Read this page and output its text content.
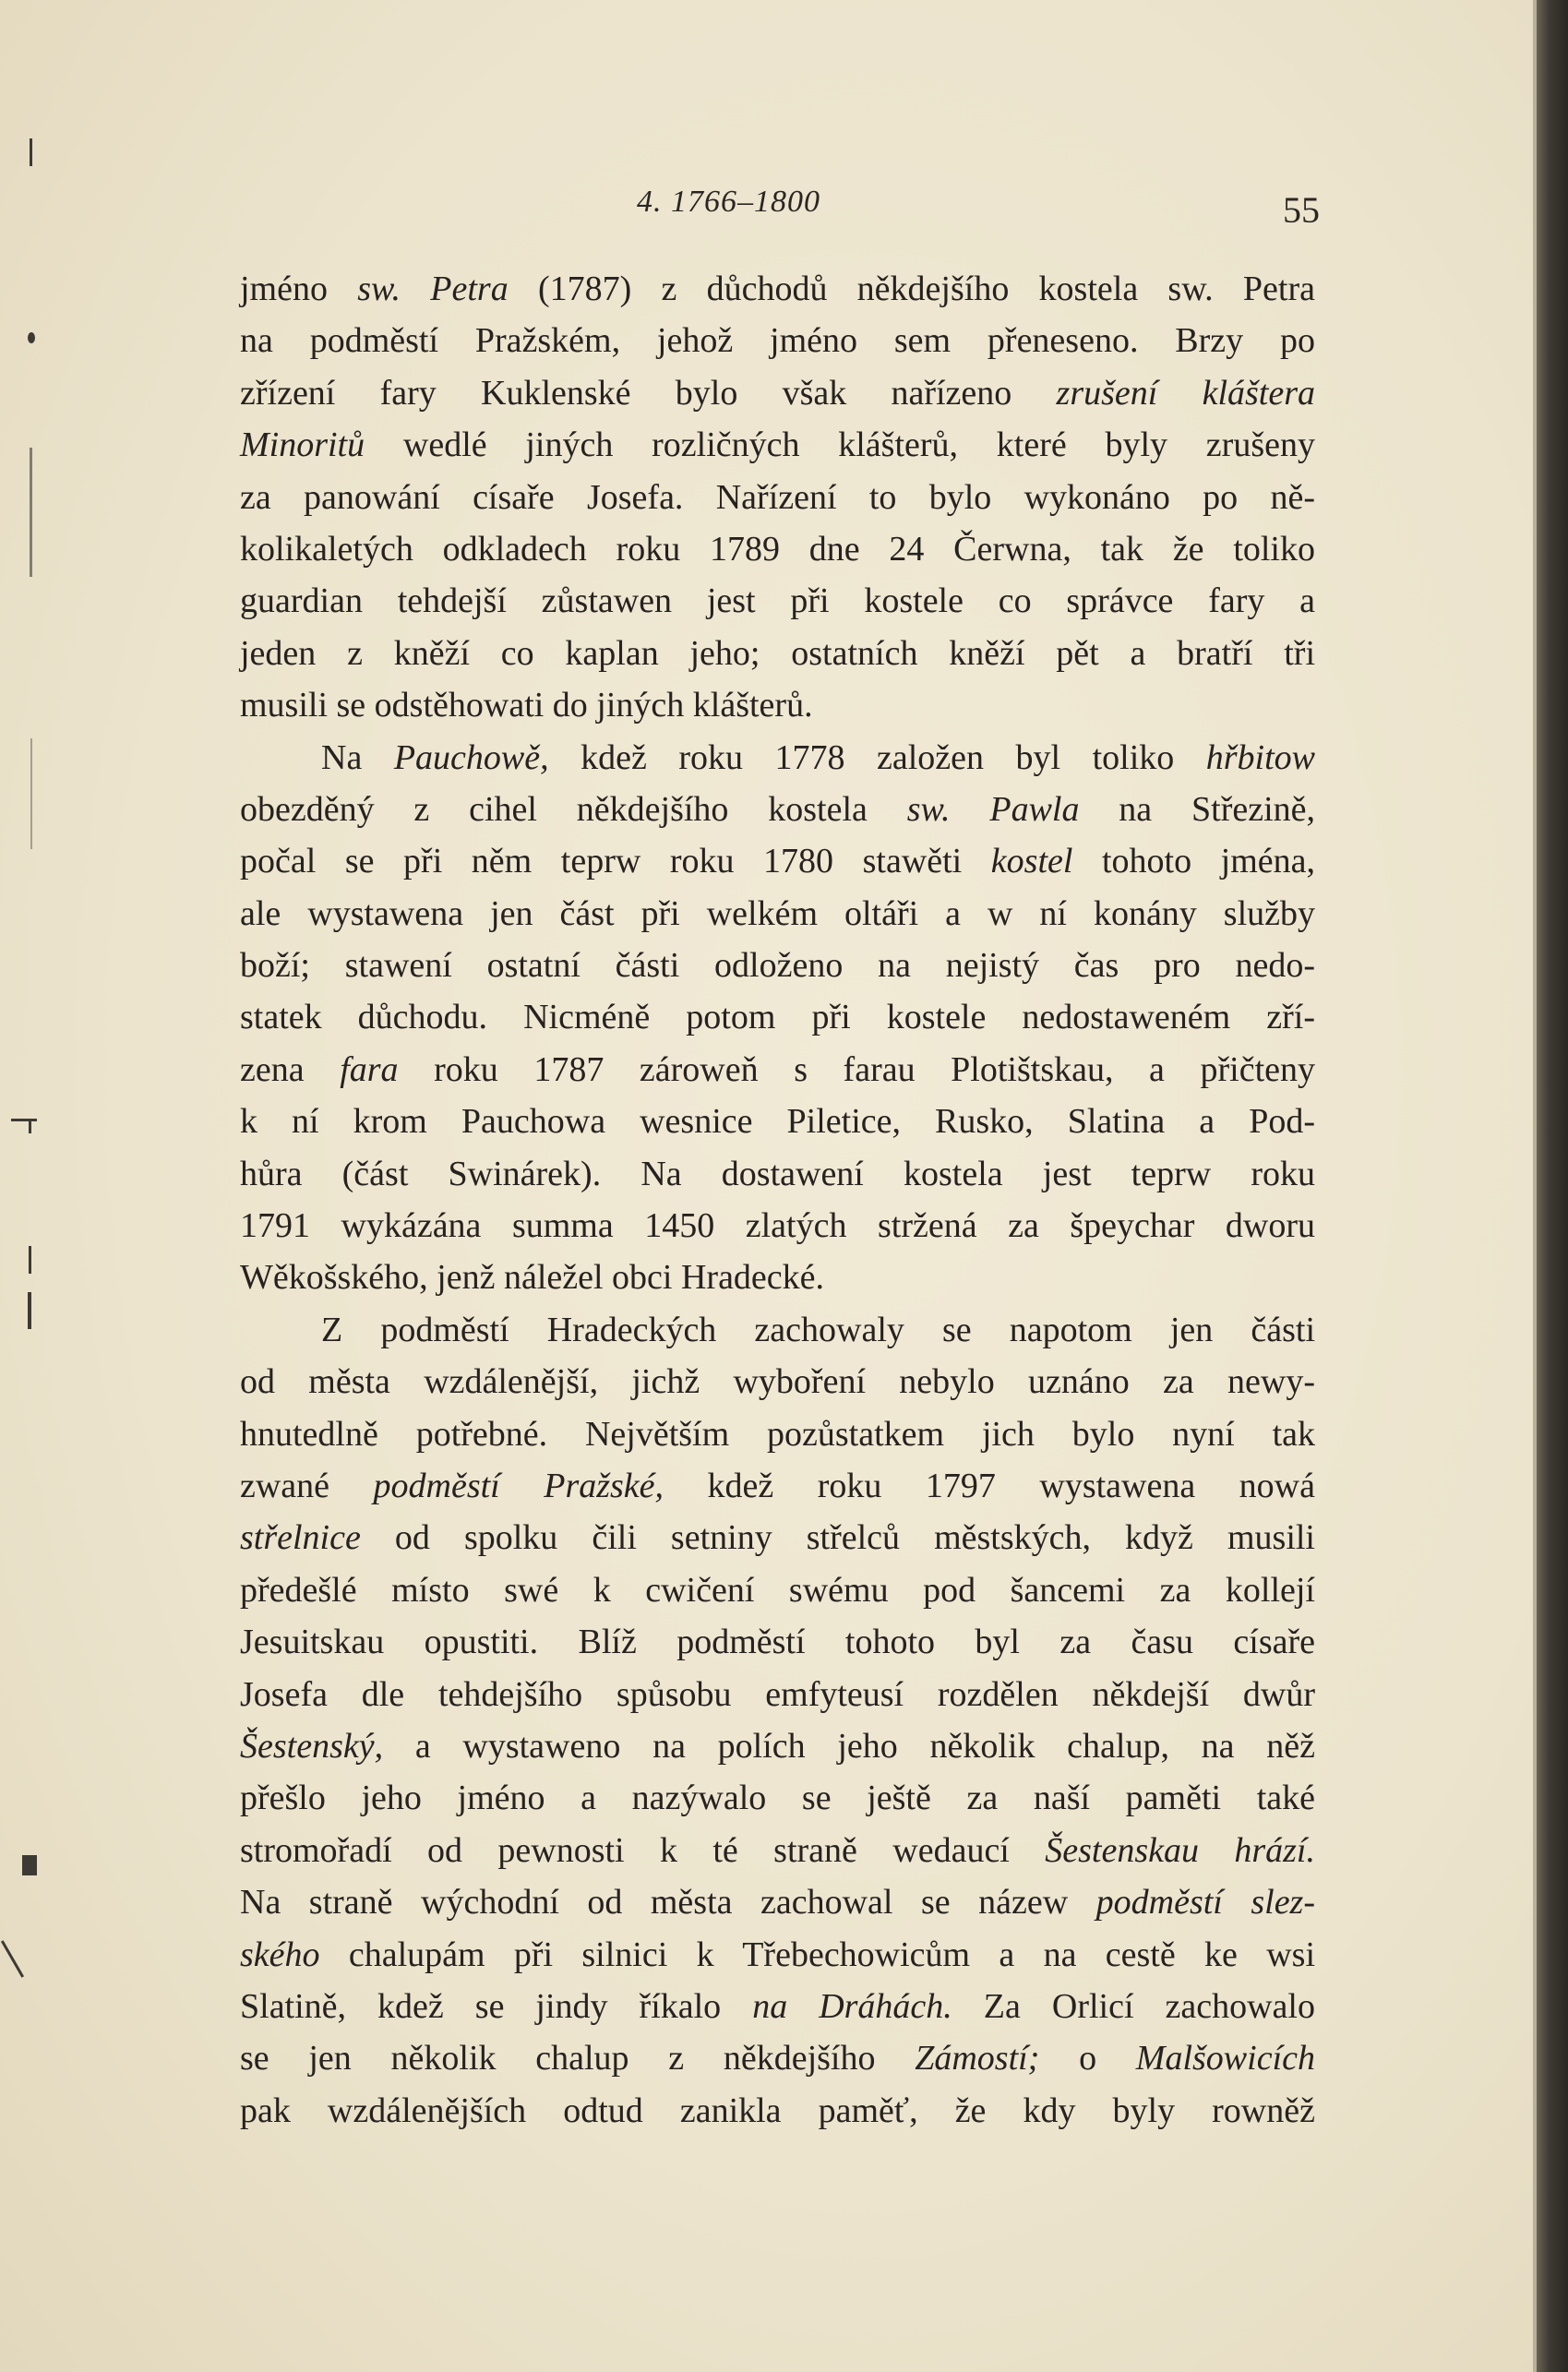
4. 1766–1800	55
jméno sw. Petra (1787) z důchodů někdejšího kostela sw. Petra
na podměstí Pražském, jehož jméno sem přeneseno. Brzy po
zřízení fary Kuklenské bylo však nařízeno zrušení kláštera
Minoritů wedlé jiných rozličných klášterů, které byly zrušeny
za panowání císaře Josefa. Nařízení to bylo wykonáno po ně-
kolikaletých odkladech roku 1789 dne 24 Čerwna, tak že toliko
guardian tehdejší zůstawen jest při kostele co správce fary a
jeden z kněží co kaplan jeho; ostatních kněží pět a bratří tři
musili se odstěhowati do jiných klášterů.
Na Pauchowě, kdež roku 1778 založen byl toliko hřbitow
obezděný z cihel někdejšího kostela sw. Pawla na Střezině,
počal se při něm teprw roku 1780 stawěti kostel tohoto jména,
ale wystawena jen část při welkém oltáři a w ní konány služby
boží; stawení ostatní části odloženo na nejistý čas pro nedo-
statek důchodu. Nicméně potom při kostele nedostaweném zří-
zena fara roku 1787 zároweň s farau Plotištskau, a přičteny
k ní krom Pauchowa wesnice Piletice, Rusko, Slatina a Pod-
hůra (část Swinárek). Na dostawení kostela jest teprw roku
1791 wykázána summa 1450 zlatých stržená za špeychar dworu
Wěkošského, jenž náležel obci Hradecké.
Z podměstí Hradeckých zachowaly se napotom jen části
od města wzdálenější, jichž wyboření nebylo uznáno za newy-
hnutedlně potřebné. Největším pozůstatkem jich bylo nyní tak
zwané podměstí Pražské, kdež roku 1797 wystawena nowá
střelnice od spolku čili setniny střelců městských, když musili
předešlé místo swé k cwičení swému pod šancemi za kollejí
Jesuitskau opustiti. Blíž podměstí tohoto byl za času císaře
Josefa dle tehdejšího spůsobu emfyteusí rozdělen někdejší dwůr
Šestenský, a wystaweno na polích jeho několik chalup, na něž
přešlo jeho jméno a nazýwalo se ještě za naší paměti také
stromořadí od pewnosti k té straně wedaucí Šestenskau hrází.
Na straně wýchodní od města zachowal se názew podměstí slez-
ského chalupám při silnici k Třebechowicům a na cestě ke wsi
Slatině, kdež se jindy říkalo na Dráhách. Za Orlicí zachowalo
se jen několik chalup z někdejšího Zámostí; o Malšowicích
pak wzdálenějších odtud zanikla paměť, že kdy byly rowněž
